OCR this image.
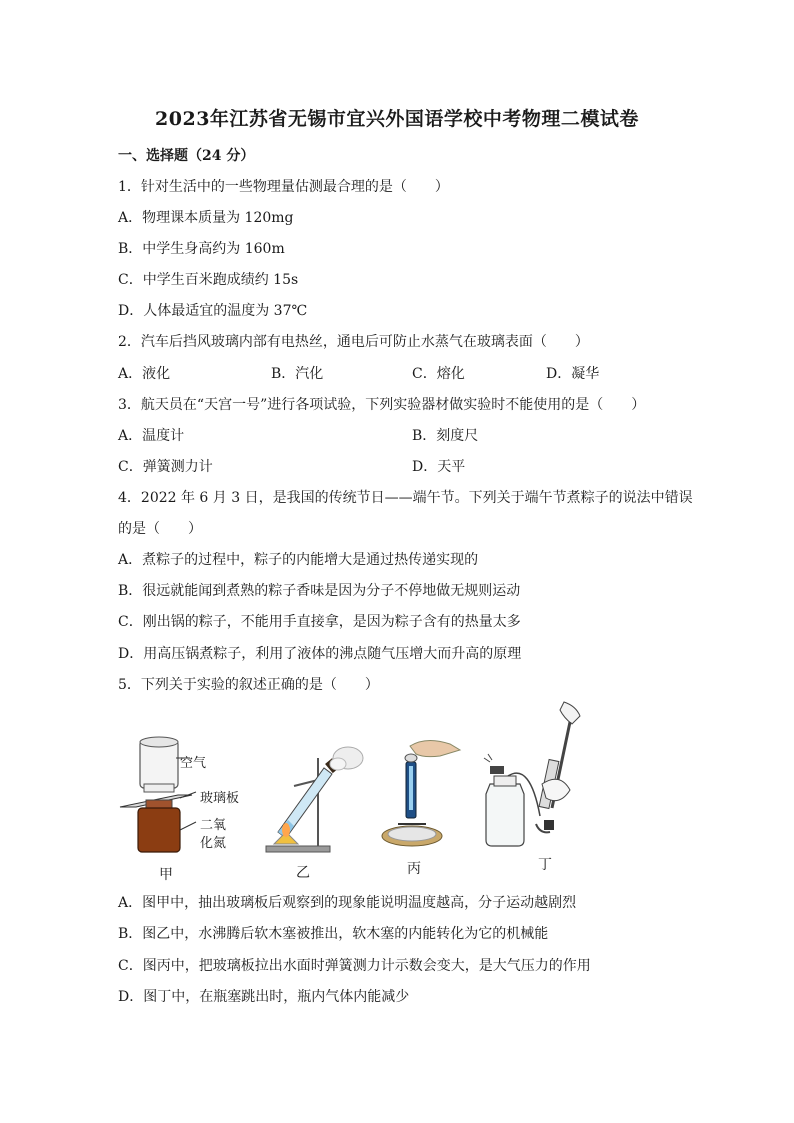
2023年江苏省无锡市宜兴外国语学校中考物理二模试卷
一、选择题（24 分）
1．针对生活中的一些物理量估测最合理的是（　　）
A．物理课本质量为 120mg
B．中学生身高约为 160m
C．中学生百米跑成绩约 15s
D．人体最适宜的温度为 37℃
2．汽车后挡风玻璃内部有电热丝，通电后可防止水蒸气在玻璃表面（　　）
A．液化	B．汽化	C．熔化	D．凝华
3．航天员在“天宫一号”进行各项试验，下列实验器材做实验时不能使用的是（　　）
A．温度计	B．刻度尺
C．弹簧测力计	D．天平
4．2022 年 6 月 3 日，是我国的传统节日——端午节。下列关于端午节煮粽子的说法中错误
的是（　　）
A．煮粽子的过程中，粽子的内能增大是通过热传递实现的
B．很远就能闻到煮熟的粽子香味是因为分子不停地做无规则运动
C．刚出锅的粽子，不能用手直接拿，是因为粽子含有的热量太多
D．用高压锅煮粽子，利用了液体的沸点随气压增大而升高的原理
5．下列关于实验的叙述正确的是（　　）
空气
玻璃板
二氧
化氮
甲	乙	丙	丁
A．图甲中，抽出玻璃板后观察到的现象能说明温度越高，分子运动越剧烈
B．图乙中，水沸腾后软木塞被推出，软木塞的内能转化为它的机械能
C．图丙中，把玻璃板拉出水面时弹簧测力计示数会变大，是大气压力的作用
D．图丁中，在瓶塞跳出时，瓶内气体内能减少
